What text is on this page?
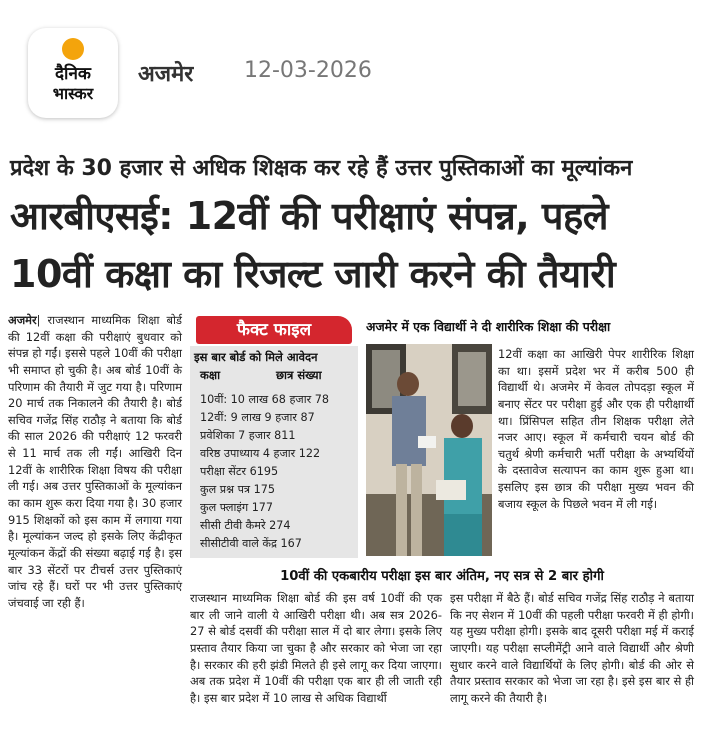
दैनिक
भास्कर
अजमेर 12-03-2026
प्रदेश के 30 हजार से अधिक शिक्षक कर रहे हैं उत्तर पुस्तिकाओं का मूल्यांकन
आरबीएसई: 12वीं की परीक्षाएं संपन्न, पहले
10वीं कक्षा का रिजल्ट जारी करने की तैयारी
अजमेर| राजस्थान माध्यमिक शिक्षा बोर्ड की 12वीं कक्षा की परीक्षाएं बुधवार को संपन्न हो गईं। इससे पहले 10वीं की परीक्षा भी समाप्त हो चुकी है। अब बोर्ड 10वीं के परिणाम की तैयारी में जुट गया है। परिणाम 20 मार्च तक निकालने की तैयारी है। बोर्ड सचिव गजेंद्र सिंह राठौड़ ने बताया कि बोर्ड की साल 2026 की परीक्षाएं 12 फरवरी से 11 मार्च तक ली गईं। आखिरी दिन 12वीं के शारीरिक शिक्षा विषय की परीक्षा ली गई। अब उत्तर पुस्तिकाओं के मूल्यांकन का काम शुरू करा दिया गया है। 30 हजार 915 शिक्षकों को इस काम में लगाया गया है। मूल्यांकन जल्द हो इसके लिए केंद्रीकृत मूल्यांकन केंद्रों की संख्या बढ़ाई गई है। इस बार 33 सेंटरों पर टीचर्स उत्तर पुस्तिकाएं जांच रहे हैं। घरों पर भी उत्तर पुस्तिकाएं जंचवाई जा रही हैं।
फैक्ट फाइल
इस बार बोर्ड को मिले आवेदन
कक्षा	छात्र संख्या
10वीं: 10 लाख 68 हजार 78
12वीं: 9 लाख 9 हजार 87
प्रवेशिका 7 हजार 811
वरिष्ठ उपाध्याय 4 हजार 122
परीक्षा सेंटर 6195
कुल प्रश्न पत्र 175
कुल फ्लाइंग 177
सीसी टीवी कैमरे 274
सीसीटीवी वाले केंद्र 167
अजमेर में एक विद्यार्थी ने दी शारीरिक शिक्षा की परीक्षा
12वीं कक्षा का आखिरी पेपर शारीरिक शिक्षा का था। इसमें प्रदेश भर में करीब 500 ही विद्यार्थी थे। अजमेर में केवल तोपदड़ा स्कूल में बनाए सेंटर पर परीक्षा हुई और एक ही परीक्षार्थी था। प्रिंसिपल सहित तीन शिक्षक परीक्षा लेते नजर आए। स्कूल में कर्मचारी चयन बोर्ड की चतुर्थ श्रेणी कर्मचारी भर्ती परीक्षा के अभ्यर्थियों के दस्तावेज सत्यापन का काम शुरू हुआ था। इसलिए इस छात्र की परीक्षा मुख्य भवन की बजाय स्कूल के पिछले भवन में ली गई।
10वीं की एकबारीय परीक्षा इस बार अंतिम, नए सत्र से 2 बार होगी
राजस्थान माध्यमिक शिक्षा बोर्ड की इस वर्ष 10वीं की एक बार ली जाने वाली ये आखिरी परीक्षा थी। अब सत्र 2026-27 से बोर्ड दसवीं की परीक्षा साल में दो बार लेगा। इसके लिए प्रस्ताव तैयार किया जा चुका है और सरकार को भेजा जा रहा है। सरकार की हरी झंडी मिलते ही इसे लागू कर दिया जाएगा। अब तक प्रदेश में 10वीं की परीक्षा एक बार ही ली जाती रही है। इस बार प्रदेश में 10 लाख से अधिक विद्यार्थी
इस परीक्षा में बैठे हैं। बोर्ड सचिव गजेंद्र सिंह राठौड़ ने बताया कि नए सेशन में 10वीं की पहली परीक्षा फरवरी में ही होगी। यह मुख्य परीक्षा होगी। इसके बाद दूसरी परीक्षा मई में कराई जाएगी। यह परीक्षा सप्लीमेंट्री आने वाले विद्यार्थी और श्रेणी सुधार करने वाले विद्यार्थियों के लिए होगी। बोर्ड की ओर से तैयार प्रस्ताव सरकार को भेजा जा रहा है। इसे इस बार से ही लागू करने की तैयारी है।
